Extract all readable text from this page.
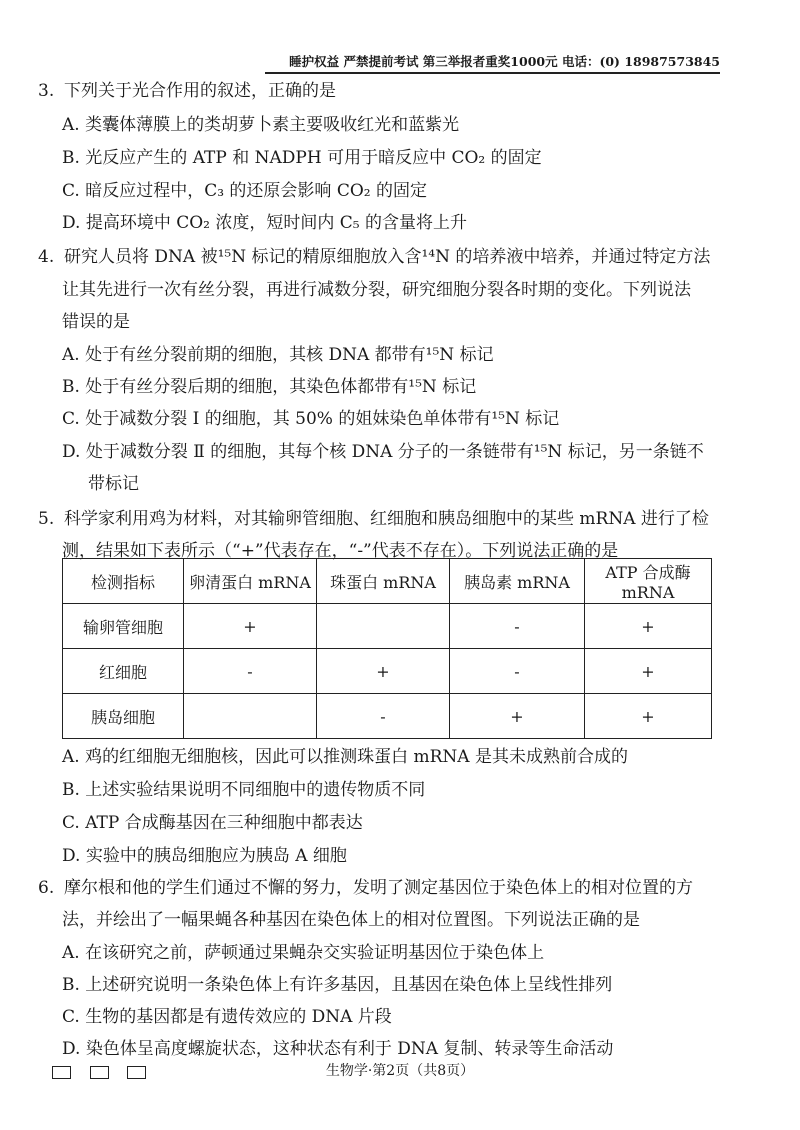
睡护权益 严禁提前考试 第三举报者重奖1000元 电话：(0) 18987573845
3. 下列关于光合作用的叙述，正确的是
A. 类囊体薄膜上的类胡萝卜素主要吸收红光和蓝紫光
B. 光反应产生的 ATP 和 NADPH 可用于暗反应中 CO₂ 的固定
C. 暗反应过程中，C₃ 的还原会影响 CO₂ 的固定
D. 提高环境中 CO₂ 浓度，短时间内 C₅ 的含量将上升
4. 研究人员将 DNA 被¹⁵N 标记的精原细胞放入含¹⁴N 的培养液中培养，并通过特定方法
让其先进行一次有丝分裂，再进行减数分裂，研究细胞分裂各时期的变化。下列说法
错误的是
A. 处于有丝分裂前期的细胞，其核 DNA 都带有¹⁵N 标记
B. 处于有丝分裂后期的细胞，其染色体都带有¹⁵N 标记
C. 处于减数分裂 Ⅰ 的细胞，其 50% 的姐妹染色单体带有¹⁵N 标记
D. 处于减数分裂 Ⅱ 的细胞，其每个核 DNA 分子的一条链带有¹⁵N 标记，另一条链不
带标记
5. 科学家利用鸡为材料，对其输卵管细胞、红细胞和胰岛细胞中的某些 mRNA 进行了检
测，结果如下表所示（“+”代表存在，“-”代表不存在）。下列说法正确的是
检测指标	卵清蛋白 mRNA	珠蛋白 mRNA	胰岛素 mRNA	ATP 合成酶 mRNA
输卵管细胞	+		-	+
红细胞	-	+	-	+
胰岛细胞		-	+	+
A. 鸡的红细胞无细胞核，因此可以推测珠蛋白 mRNA 是其未成熟前合成的
B. 上述实验结果说明不同细胞中的遗传物质不同
C. ATP 合成酶基因在三种细胞中都表达
D. 实验中的胰岛细胞应为胰岛 A 细胞
6. 摩尔根和他的学生们通过不懈的努力，发明了测定基因位于染色体上的相对位置的方
法，并绘出了一幅果蝇各种基因在染色体上的相对位置图。下列说法正确的是
A. 在该研究之前，萨顿通过果蝇杂交实验证明基因位于染色体上
B. 上述研究说明一条染色体上有许多基因，且基因在染色体上呈线性排列
C. 生物的基因都是有遗传效应的 DNA 片段
D. 染色体呈高度螺旋状态，这种状态有利于 DNA 复制、转录等生命活动
生物学·第2页（共8页）
